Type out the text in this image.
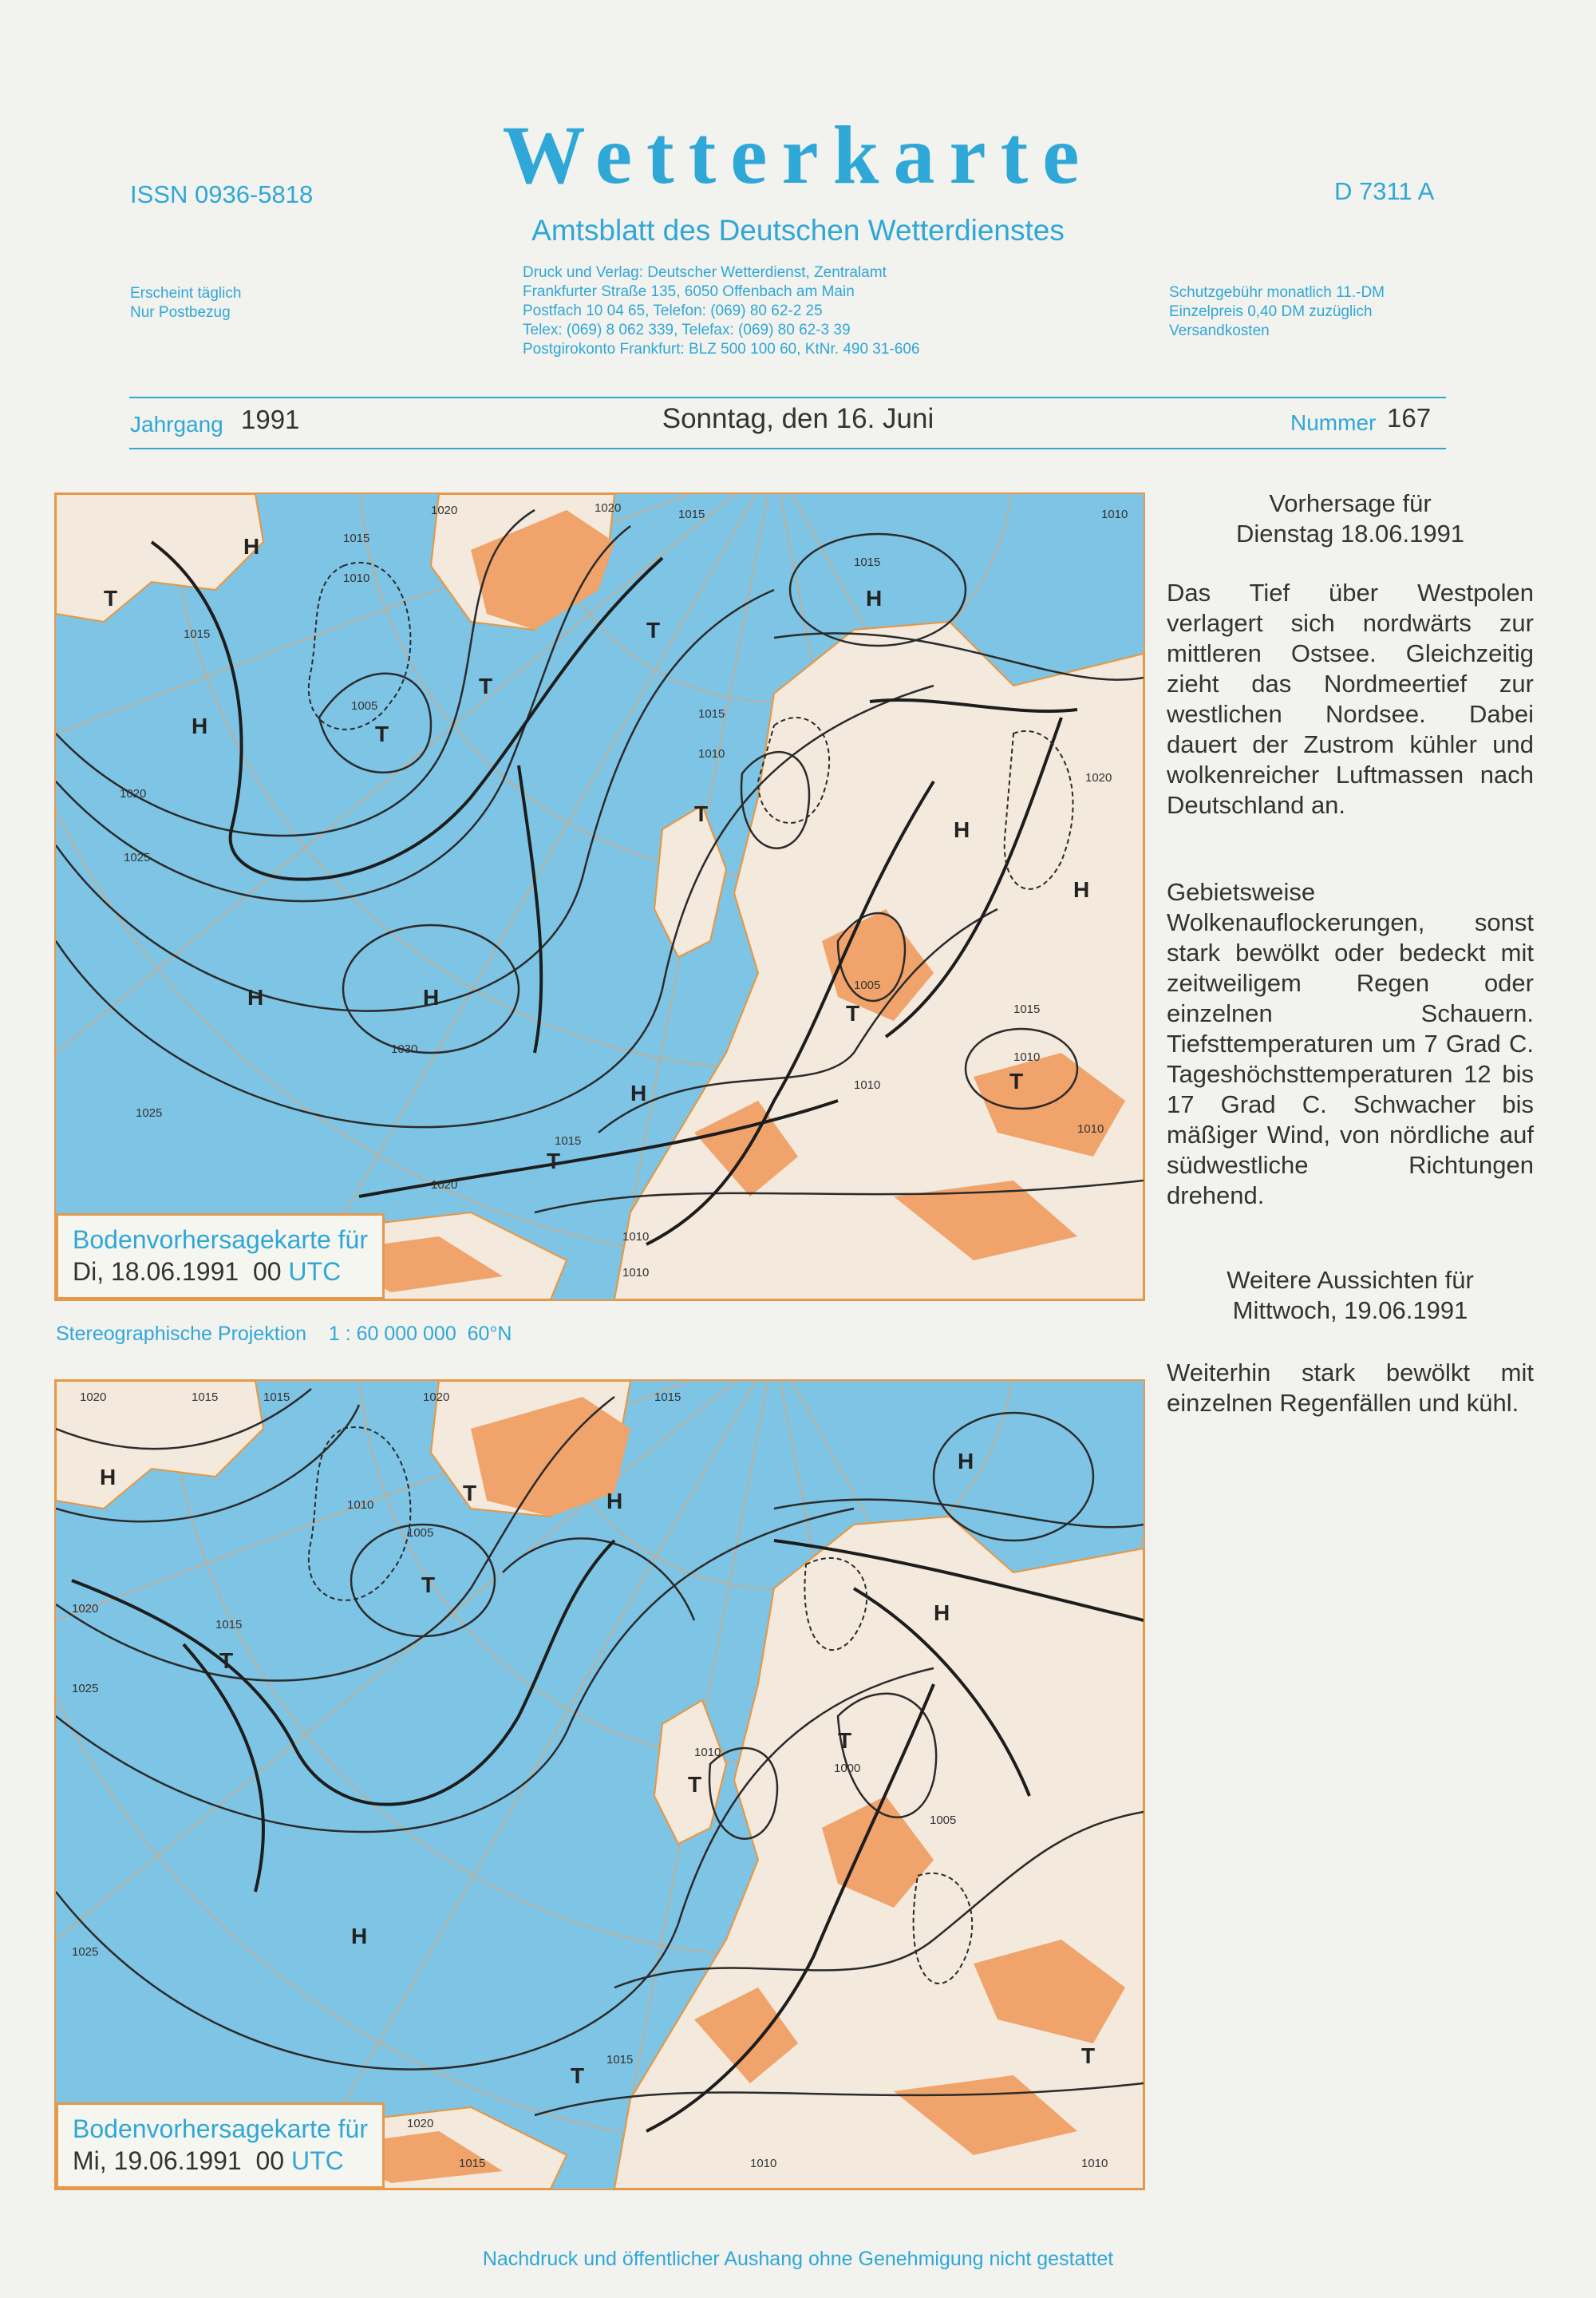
Wetterkarte
ISSN 0936-5818	D 7311 A
Amtsblatt des Deutschen Wetterdienstes
Erscheint täglich
Nur Postbezug
Druck und Verlag: Deutscher Wetterdienst, Zentralamt
Frankfurter Straße 135, 6050 Offenbach am Main
Postfach 10 04 65, Telefon: (069) 80 62-2 25
Telex: (069) 8 062 339, Telefax: (069) 80 62-3 39
Postgirokonto Frankfurt: BLZ 500 100 60, KtNr. 490 31-606
Schutzgebühr monatlich 11.-DM
Einzelpreis 0,40 DM zuzüglich
Versandkosten
Jahrgang 1991	Sonntag, den 16. Juni	Nummer 167
1020	1020	1015
1015
1015
1010
1005
1020
1025
1030
1025
1020
1015
1010
1015
1010
1005
1010
1015
1010
1010
1015
1010
1020
1010
H
H
H	H
H
H
H
H
T
T
T
T
T
T
T
T
Bodenvorhersagekarte für
Di, 18.06.1991  00 UTC
Stereographische Projektion    1 : 60 000 000  60°N
1020	1015	1015	1020	1015
1010
1005
1020
1015
1025
1010
1000
1005
1025
1015
1020
1010	1010
1015
H
H
H
H
H
T
T
T
T
T
T
T
Bodenvorhersagekarte für
Mi, 19.06.1991  00 UTC
Vorhersage für
Dienstag 18.06.1991
Das Tief über Westpolen verlagert sich nordwärts zur mittleren Ostsee. Gleichzeitig zieht das Nordmeertief zur westlichen Nordsee. Dabei dauert der Zustrom kühler und wolkenreicher Luftmassen nach Deutschland an.
Gebietsweise Wolkenauflockerungen, sonst stark bewölkt oder bedeckt mit zeitweiligem Regen oder einzelnen Schauern. Tiefsttemperaturen um 7 Grad C. Tageshöchsttemperaturen 12 bis 17 Grad C. Schwacher bis mäßiger Wind, von nördliche auf südwestliche Richtungen drehend.
Weitere Aussichten für
Mittwoch, 19.06.1991
Weiterhin stark bewölkt mit einzelnen Regenfällen und kühl.
Nachdruck und öffentlicher Aushang ohne Genehmigung nicht gestattet
